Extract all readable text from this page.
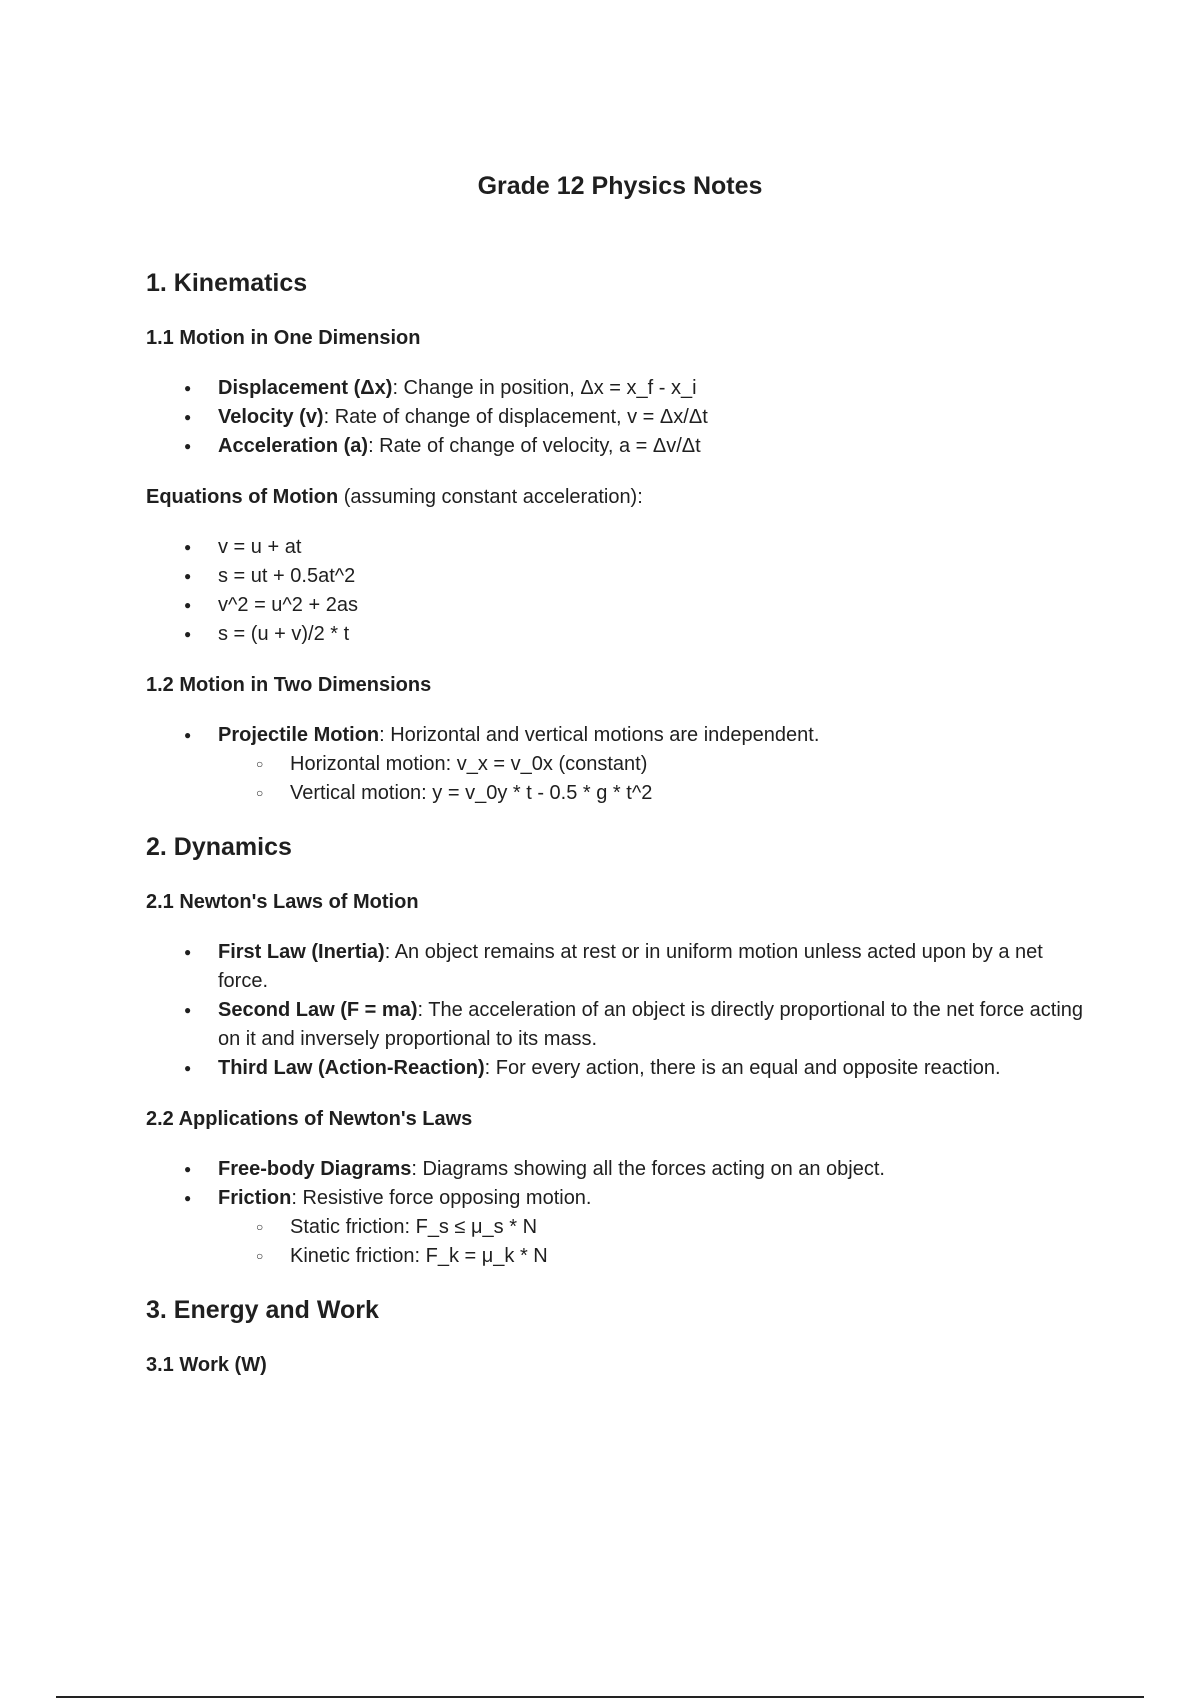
Grade 12 Physics Notes
1. Kinematics
1.1 Motion in One Dimension
● Displacement (Δx): Change in position, Δx = x_f - x_i
● Velocity (v): Rate of change of displacement, v = Δx/Δt
● Acceleration (a): Rate of change of velocity, a = Δv/Δt

Equations of Motion (assuming constant acceleration):

● v = u + at
● s = ut + 0.5at^2
● v^2 = u^2 + 2as
● s = (u + v)/2 * t
1.2 Motion in Two Dimensions
● Projectile Motion: Horizontal and vertical motions are independent.
○ Horizontal motion: v_x = v_0x (constant)
○ Vertical motion: y = v_0y * t - 0.5 * g * t^2
2. Dynamics
2.1 Newton's Laws of Motion
● First Law (Inertia): An object remains at rest or in uniform motion unless acted upon by a net force.
● Second Law (F = ma): The acceleration of an object is directly proportional to the net force acting on it and inversely proportional to its mass.
● Third Law (Action-Reaction): For every action, there is an equal and opposite reaction.
2.2 Applications of Newton's Laws
● Free-body Diagrams: Diagrams showing all the forces acting on an object.
● Friction: Resistive force opposing motion.
○ Static friction: F_s ≤ μ_s * N
○ Kinetic friction: F_k = μ_k * N
3. Energy and Work
3.1 Work (W)
